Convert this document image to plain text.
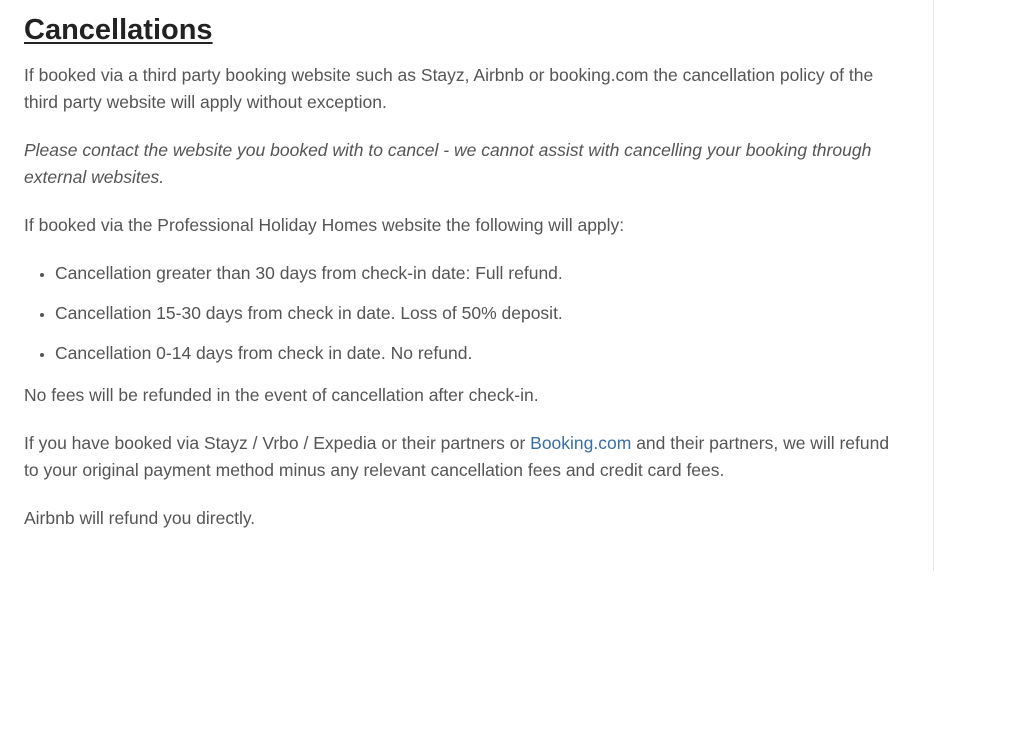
Cancellations

If booked via a third party booking website such as Stayz, Airbnb or booking.com the cancellation policy of the third party website will apply without exception.

Please contact the website you booked with to cancel - we cannot assist with cancelling your booking through external websites.

If booked via the Professional Holiday Homes website the following will apply:

• Cancellation greater than 30 days from check-in date: Full refund.
• Cancellation 15-30 days from check in date. Loss of 50% deposit.
• Cancellation 0-14 days from check in date. No refund.

No fees will be refunded in the event of cancellation after check-in.

If you have booked via Stayz / Vrbo / Expedia or their partners or Booking.com and their partners, we will refund to your original payment method minus any relevant cancellation fees and credit card fees.

Airbnb will refund you directly.
